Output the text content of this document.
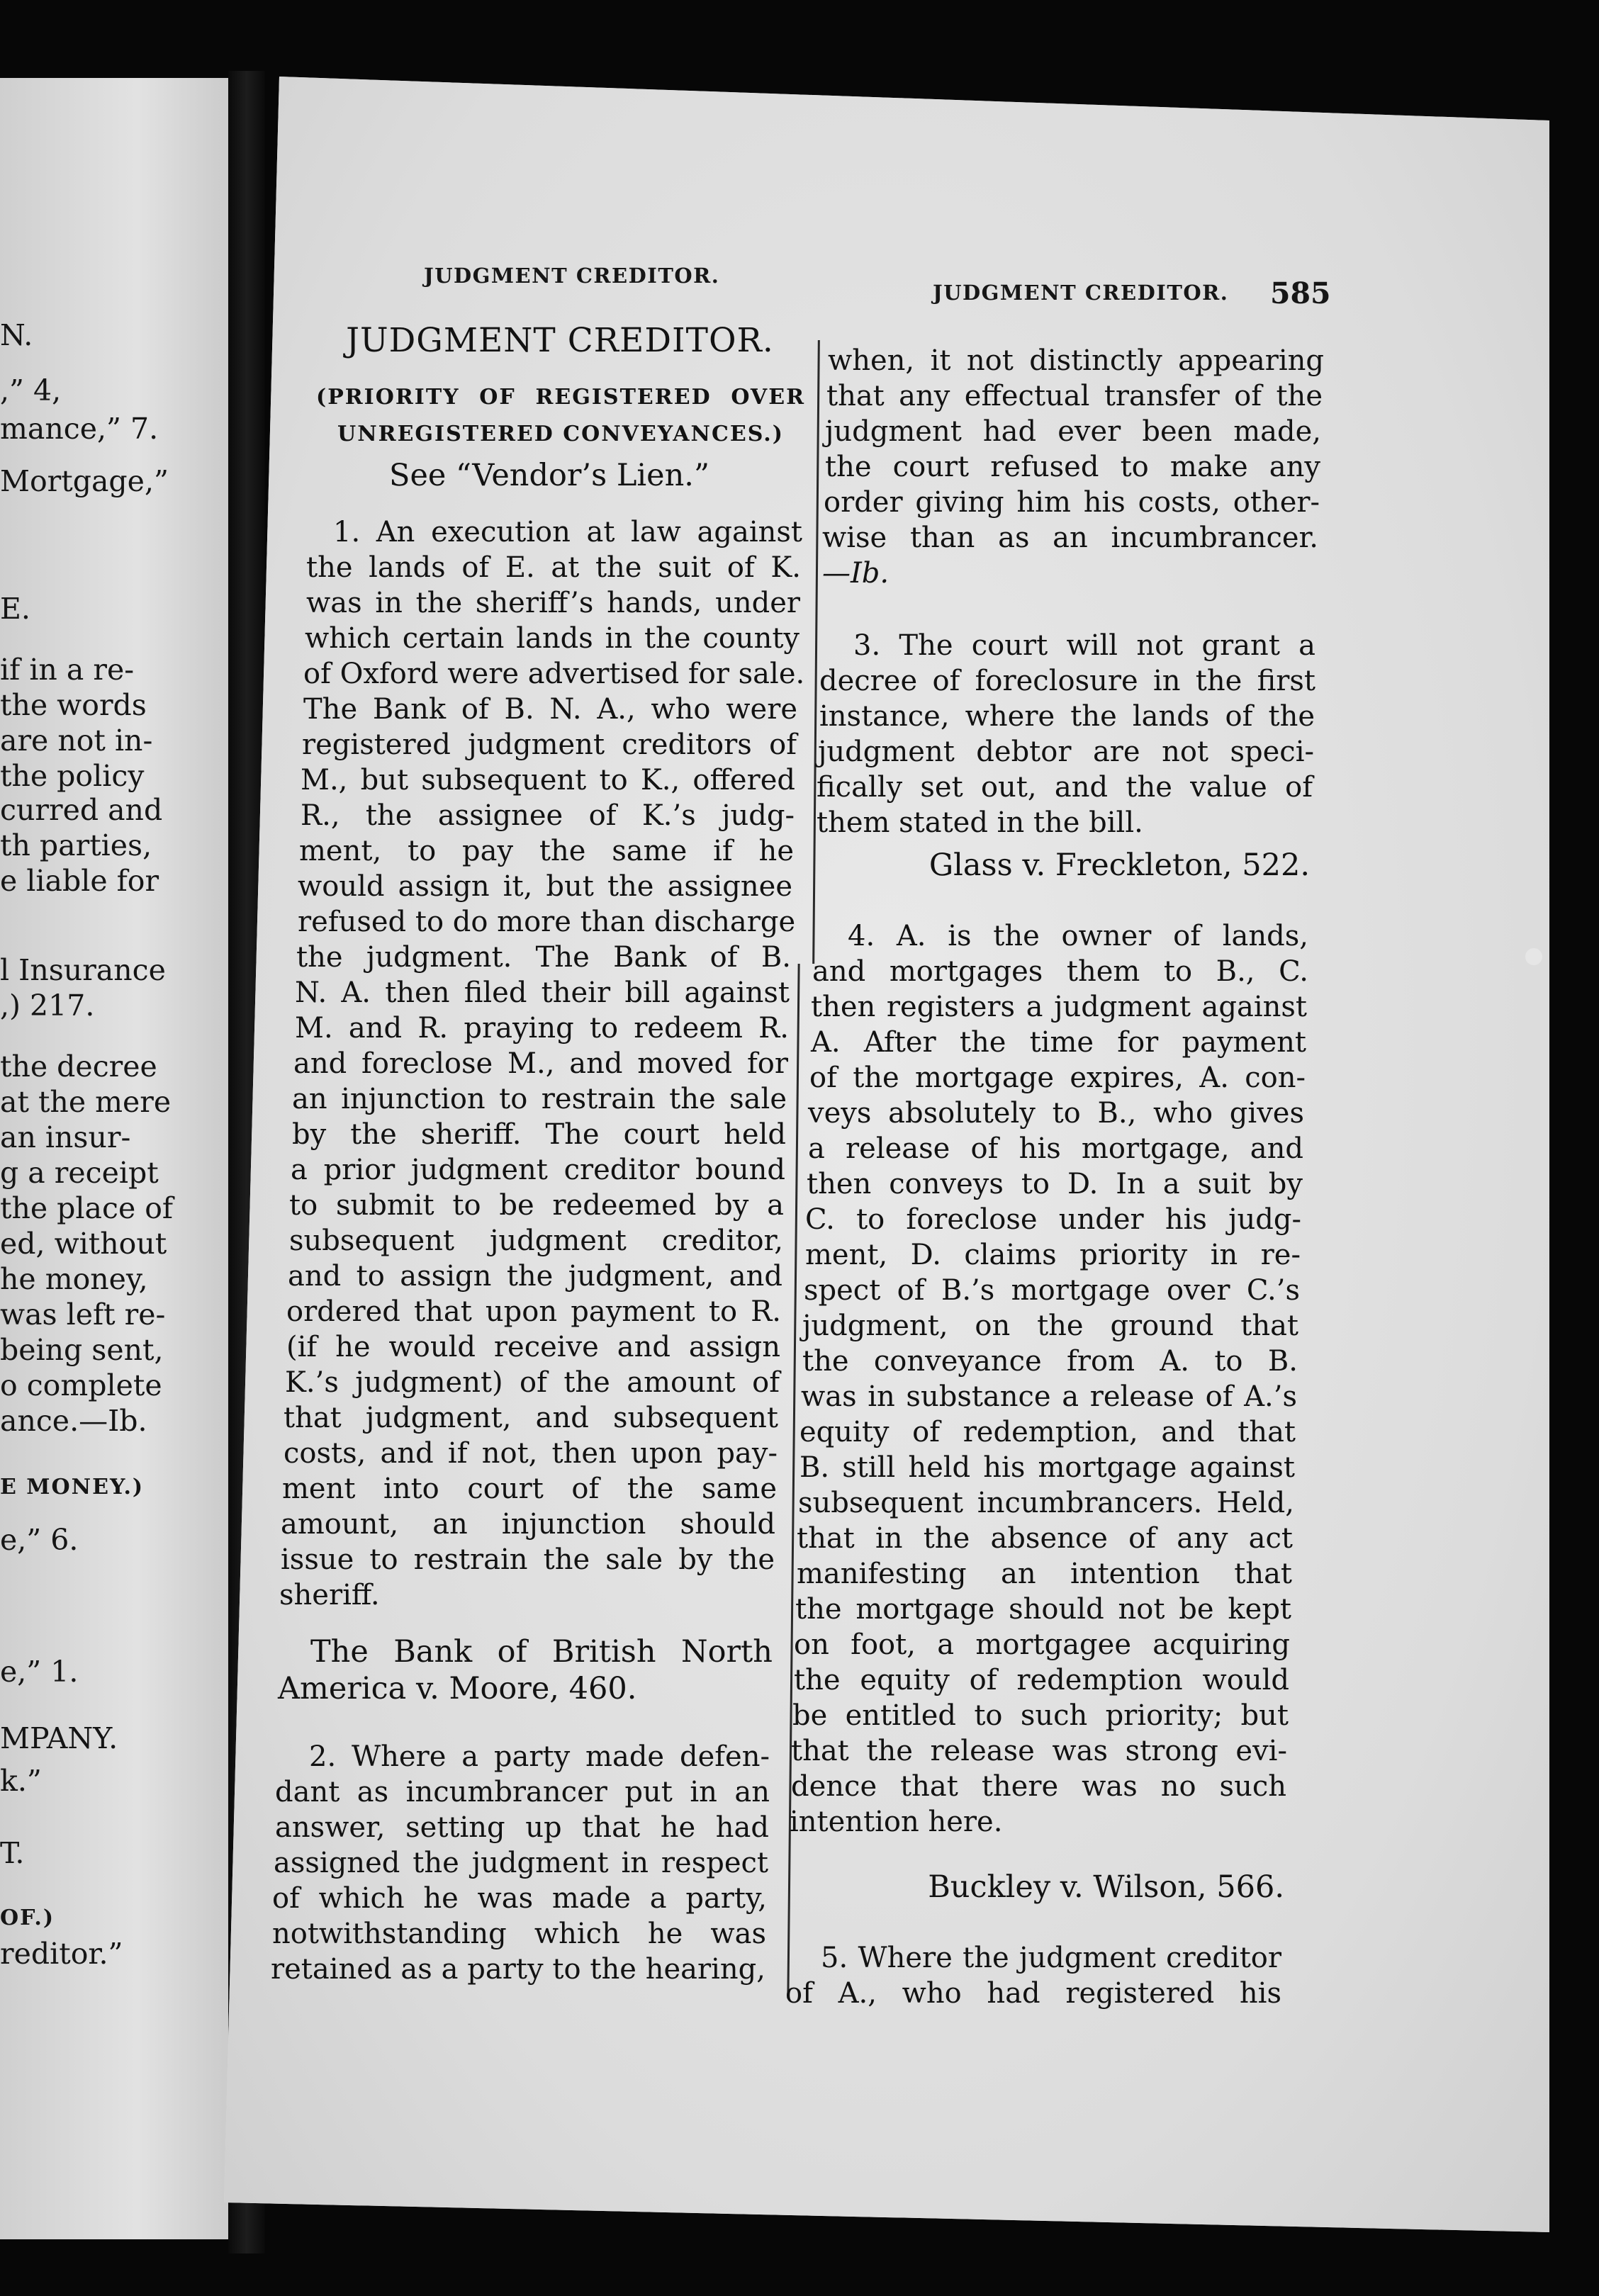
N.
,” 4,
mance,” 7.
Mortgage,”
E.
if in a re-
the words
are not in-
the policy
curred and
th parties,
e liable for
l Insurance
,) 217.
the decree
at the mere
an insur-
g a receipt
the place of
ed, without
he money,
was left re-
being sent,
o complete
ance.—Ib.
E MONEY.)
e,” 6.
e,” 1.
MPANY.
k.”
T.
OF.)
reditor.”
JUDGMENT CREDITOR.
JUDGMENT CREDITOR. 585
JUDGMENT CREDITOR.
(PRIORITY OF REGISTERED OVER
UNREGISTERED CONVEYANCES.)
See “Vendor’s Lien.”
1. An execution at law against
the lands of E. at the suit of K.
was in the sheriff’s hands, under
which certain lands in the county
of Oxford were advertised for sale.
The Bank of B. N. A., who were
registered judgment creditors of
M., but subsequent to K., offered
R., the assignee of K.’s judg-
ment, to pay the same if he
would assign it, but the assignee
refused to do more than discharge
the judgment. The Bank of B.
N. A. then filed their bill against
M. and R. praying to redeem R.
and foreclose M., and moved for
an injunction to restrain the sale
by the sheriff. The court held
a prior judgment creditor bound
to submit to be redeemed by a
subsequent judgment creditor,
and to assign the judgment, and
ordered that upon payment to R.
(if he would receive and assign
K.’s judgment) of the amount of
that judgment, and subsequent
costs, and if not, then upon pay-
ment into court of the same
amount, an injunction should
issue to restrain the sale by the
sheriff.
The Bank of British North
America v. Moore, 460.
2. Where a party made defen-
dant as incumbrancer put in an
answer, setting up that he had
assigned the judgment in respect
of which he was made a party,
notwithstanding which he was
retained as a party to the hearing,
when, it not distinctly appearing
that any effectual transfer of the
judgment had ever been made,
the court refused to make any
order giving him his costs, other-
wise than as an incumbrancer.
—Ib.
3. The court will not grant a
decree of foreclosure in the first
instance, where the lands of the
judgment debtor are not speci-
fically set out, and the value of
them stated in the bill.
Glass v. Freckleton, 522.
4. A. is the owner of lands,
and mortgages them to B., C.
then registers a judgment against
A. After the time for payment
of the mortgage expires, A. con-
veys absolutely to B., who gives
a release of his mortgage, and
then conveys to D. In a suit by
C. to foreclose under his judg-
ment, D. claims priority in re-
spect of B.’s mortgage over C.’s
judgment, on the ground that
the conveyance from A. to B.
was in substance a release of A.’s
equity of redemption, and that
B. still held his mortgage against
subsequent incumbrancers. Held,
that in the absence of any act
manifesting an intention that
the mortgage should not be kept
on foot, a mortgagee acquiring
the equity of redemption would
be entitled to such priority; but
that the release was strong evi-
dence that there was no such
intention here.
Buckley v. Wilson, 566.
5. Where the judgment creditor
of A., who had registered his
